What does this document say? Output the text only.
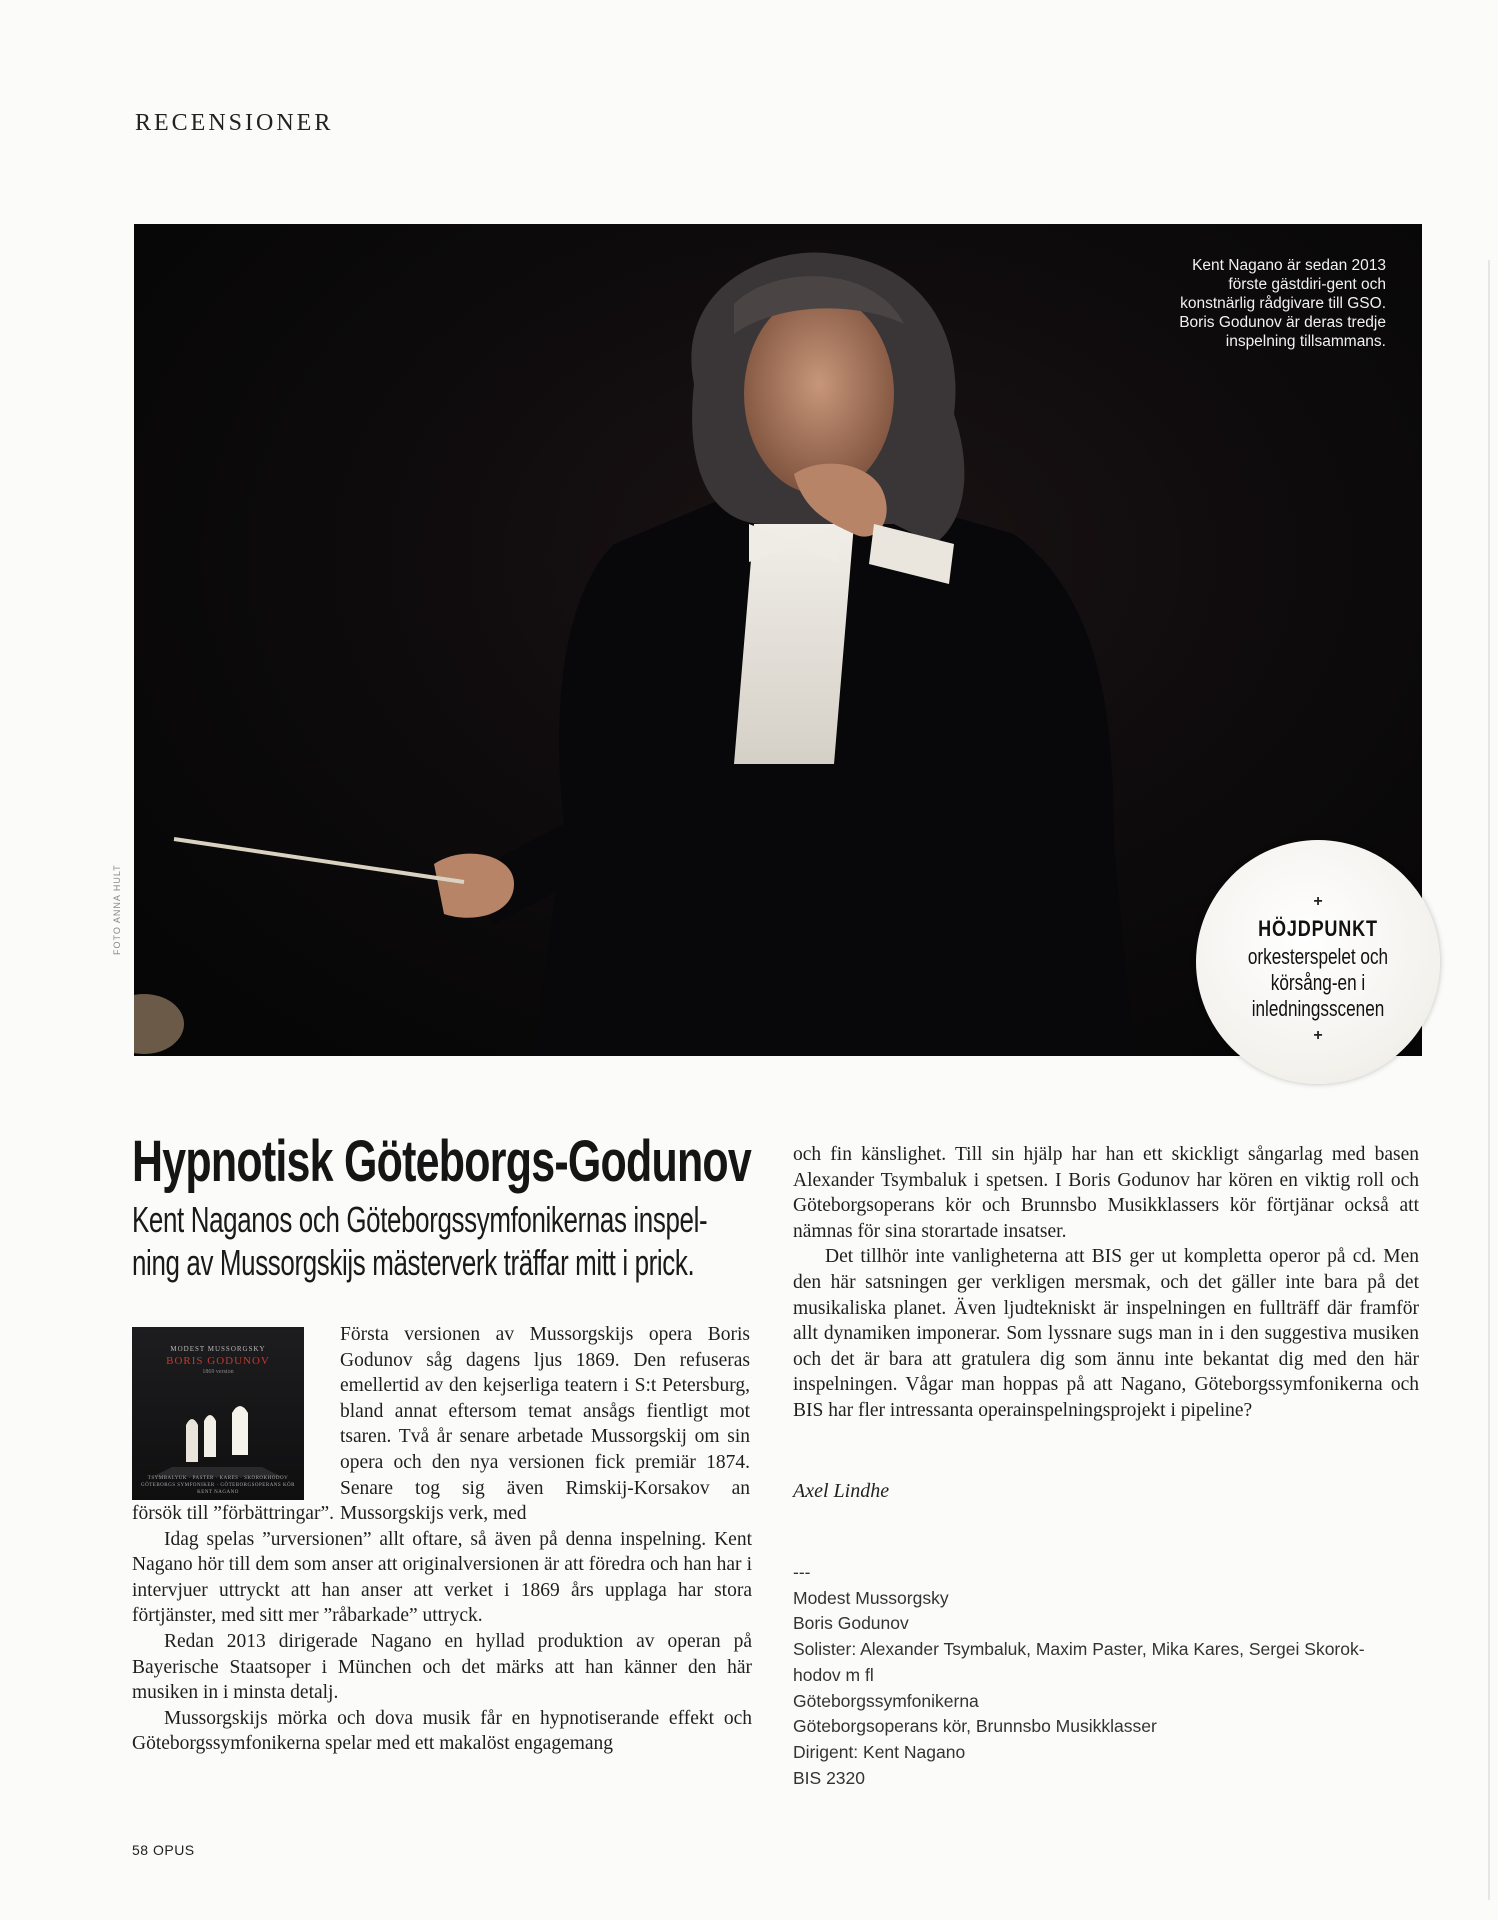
RECENSIONER
Kent Nagano är sedan 2013 förste gästdiri-gent och konstnärlig rådgivare till GSO. Boris Godunov är deras tredje inspelning tillsammans.
FOTO ANNA HULT	+
HÖJDPUNKT
orkesterspelet och körsång-en i inledningsscenen
+
Hypnotisk Göteborgs-Godunov
Kent Naganos och Göteborgssymfonikernas inspel-ning av Mussorgskijs mästerverk träffar mitt i prick.
MODEST MUSSORGSKY
BORIS GODUNOV
1869 version
TSYMBALYUK · PASTER · KARES · SKOROKHODOV GÖTEBORGS SYMFONIKER · GÖTEBORGSOPERANS KÖR KENT NAGANO

Första versionen av Mussorgskijs opera Boris Godunov såg dagens ljus 1869. Den refuseras emellertid av den kejserliga teatern i S:t Petersburg, bland annat eftersom temat ansågs fientligt mot tsaren. Två år senare arbetade Mussorgskij om sin opera och den nya versionen fick premiär 1874. Senare tog sig även Rimskij-Korsakov an Mussorgskijs verk, med

försök till ”förbättringar”.

Idag spelas ”urversionen” allt oftare, så även på denna inspelning. Kent Nagano hör till dem som anser att originalversionen är att föredra och han har i intervjuer uttryckt att han anser att verket i 1869 års upplaga har stora förtjänster, med sitt mer ”råbarkade” uttryck.

Redan 2013 dirigerade Nagano en hyllad produktion av operan på Bayerische Staatsoper i München och det märks att han känner den här musiken in i minsta detalj.

Mussorgskijs mörka och dova musik får en hypnotiserande effekt och Göteborgssymfonikerna spelar med ett makalöst engagemang

och fin känslighet. Till sin hjälp har han ett skickligt sångarlag med basen Alexander Tsymbaluk i spetsen. I Boris Godunov har kören en viktig roll och Göteborgsoperans kör och Brunnsbo Musikklassers kör förtjänar också att nämnas för sina storartade insatser.

Det tillhör inte vanligheterna att BIS ger ut kompletta operor på cd. Men den här satsningen ger verkligen mersmak, och det gäller inte bara på det musikaliska planet. Även ljudtekniskt är inspelningen en fullträff där framför allt dynamiken imponerar. Som lyssnare sugs man in i den suggestiva musiken och det är bara att gratulera dig som ännu inte bekantat dig med den här inspelningen. Vågar man hoppas på att Nagano, Göteborgssymfonikerna och BIS har fler intressanta operainspelningsprojekt i pipeline?

Axel Lindhe
---
Modest Mussorgsky
Boris Godunov
Solister: Alexander Tsymbaluk, Maxim Paster, Mika Kares, Sergei Skorok-
hodov m fl
Göteborgssymfonikerna
Göteborgsoperans kör, Brunnsbo Musikklasser
Dirigent: Kent Nagano
BIS 2320
58 OPUS
